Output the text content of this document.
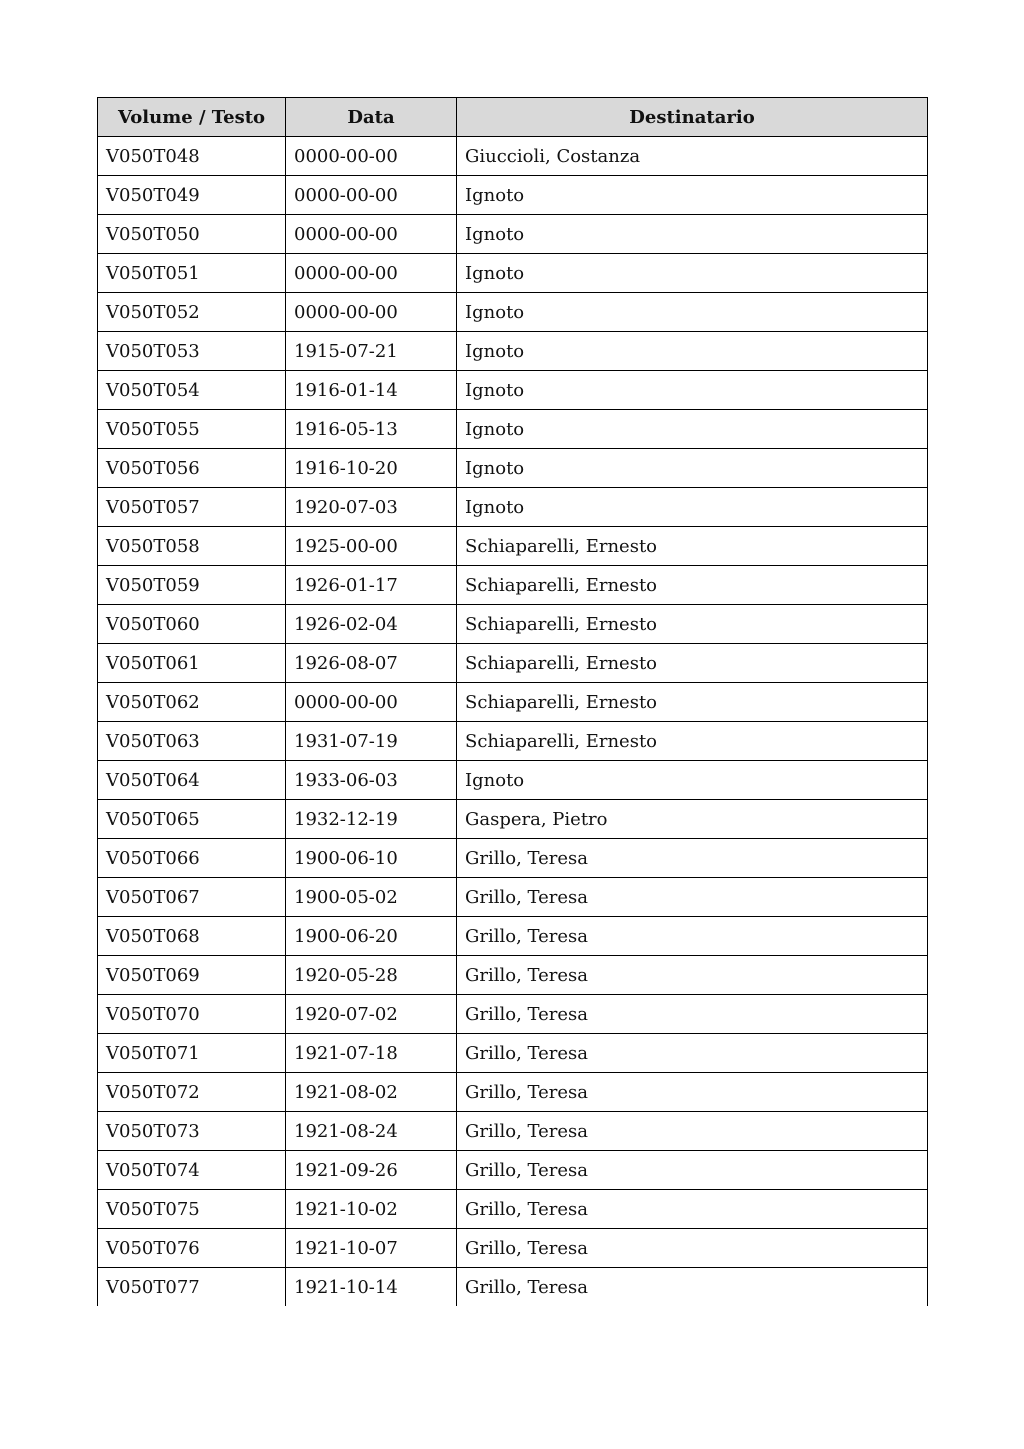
Volume / Testo	Data	Destinatario
V050T048	0000-00-00	Giuccioli, Costanza
V050T049	0000-00-00	Ignoto
V050T050	0000-00-00	Ignoto
V050T051	0000-00-00	Ignoto
V050T052	0000-00-00	Ignoto
V050T053	1915-07-21	Ignoto
V050T054	1916-01-14	Ignoto
V050T055	1916-05-13	Ignoto
V050T056	1916-10-20	Ignoto
V050T057	1920-07-03	Ignoto
V050T058	1925-00-00	Schiaparelli, Ernesto
V050T059	1926-01-17	Schiaparelli, Ernesto
V050T060	1926-02-04	Schiaparelli, Ernesto
V050T061	1926-08-07	Schiaparelli, Ernesto
V050T062	0000-00-00	Schiaparelli, Ernesto
V050T063	1931-07-19	Schiaparelli, Ernesto
V050T064	1933-06-03	Ignoto
V050T065	1932-12-19	Gaspera, Pietro
V050T066	1900-06-10	Grillo, Teresa
V050T067	1900-05-02	Grillo, Teresa
V050T068	1900-06-20	Grillo, Teresa
V050T069	1920-05-28	Grillo, Teresa
V050T070	1920-07-02	Grillo, Teresa
V050T071	1921-07-18	Grillo, Teresa
V050T072	1921-08-02	Grillo, Teresa
V050T073	1921-08-24	Grillo, Teresa
V050T074	1921-09-26	Grillo, Teresa
V050T075	1921-10-02	Grillo, Teresa
V050T076	1921-10-07	Grillo, Teresa
V050T077	1921-10-14	Grillo, Teresa
